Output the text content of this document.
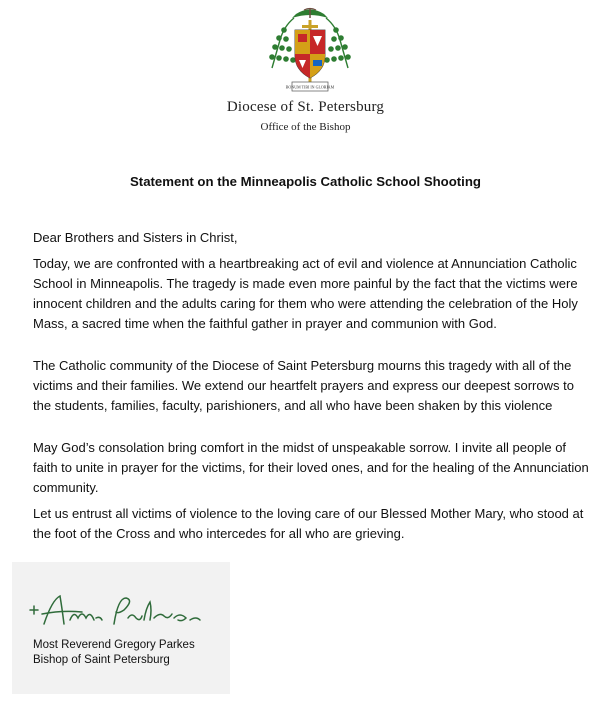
BONUM TIBI IN GLORIAM
Diocese of St. Petersburg
Office of the Bishop
Statement on the Minneapolis Catholic School Shooting
Dear Brothers and Sisters in Christ,
Today, we are confronted with a heartbreaking act of evil and violence at Annunciation Catholic School in Minneapolis. The tragedy is made even more painful by the fact that the victims were innocent children and the adults caring for them who were attending the celebration of the Holy Mass, a sacred time when the faithful gather in prayer and communion with God.
The Catholic community of the Diocese of Saint Petersburg mourns this tragedy with all of the victims and their families. We extend our heartfelt prayers and express our deepest sorrows to the students, families, faculty, parishioners, and all who have been shaken by this violence
May God’s consolation bring comfort in the midst of unspeakable sorrow. I invite all people of faith to unite in prayer for the victims, for their loved ones, and for the healing of the Annunciation community.
Let us entrust all victims of violence to the loving care of our Blessed Mother Mary, who stood at the foot of the Cross and who intercedes for all who are grieving.
Most Reverend Gregory Parkes
Bishop of Saint Petersburg
